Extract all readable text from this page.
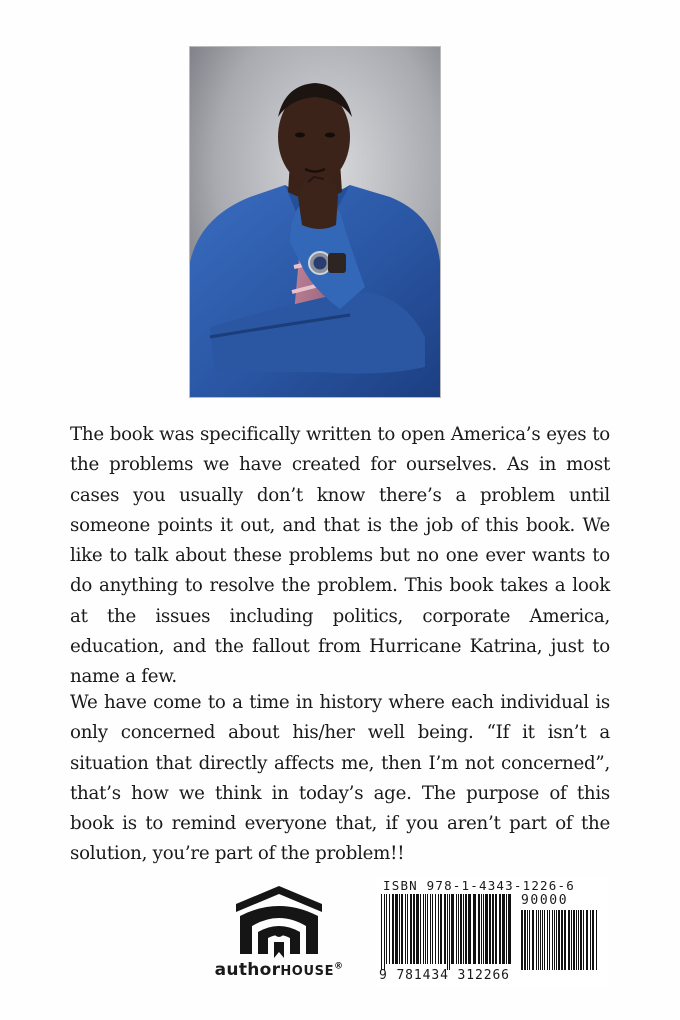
The book was specifically written to open America’s eyes to the problems we have created for ourselves. As in most cases you usually don’t know there’s a problem until someone points it out, and that is the job of this book. We like to talk about these problems but no one ever wants to do anything to resolve the problem. This book takes a look at the issues including politics, corporate America, education, and the fallout from Hurricane Katrina, just to name a few.

We have come to a time in history where each individual is only concerned about his/her well being. “If it isn’t a situation that directly affects me, then I’m not concerned”, that’s how we think in today’s age. The purpose of this book is to remind everyone that, if you aren’t part of the solution, you’re part of the problem!!

authorHOUSE®
ISBN 978-1-4343-1226-6
90000
9 781434 312266
